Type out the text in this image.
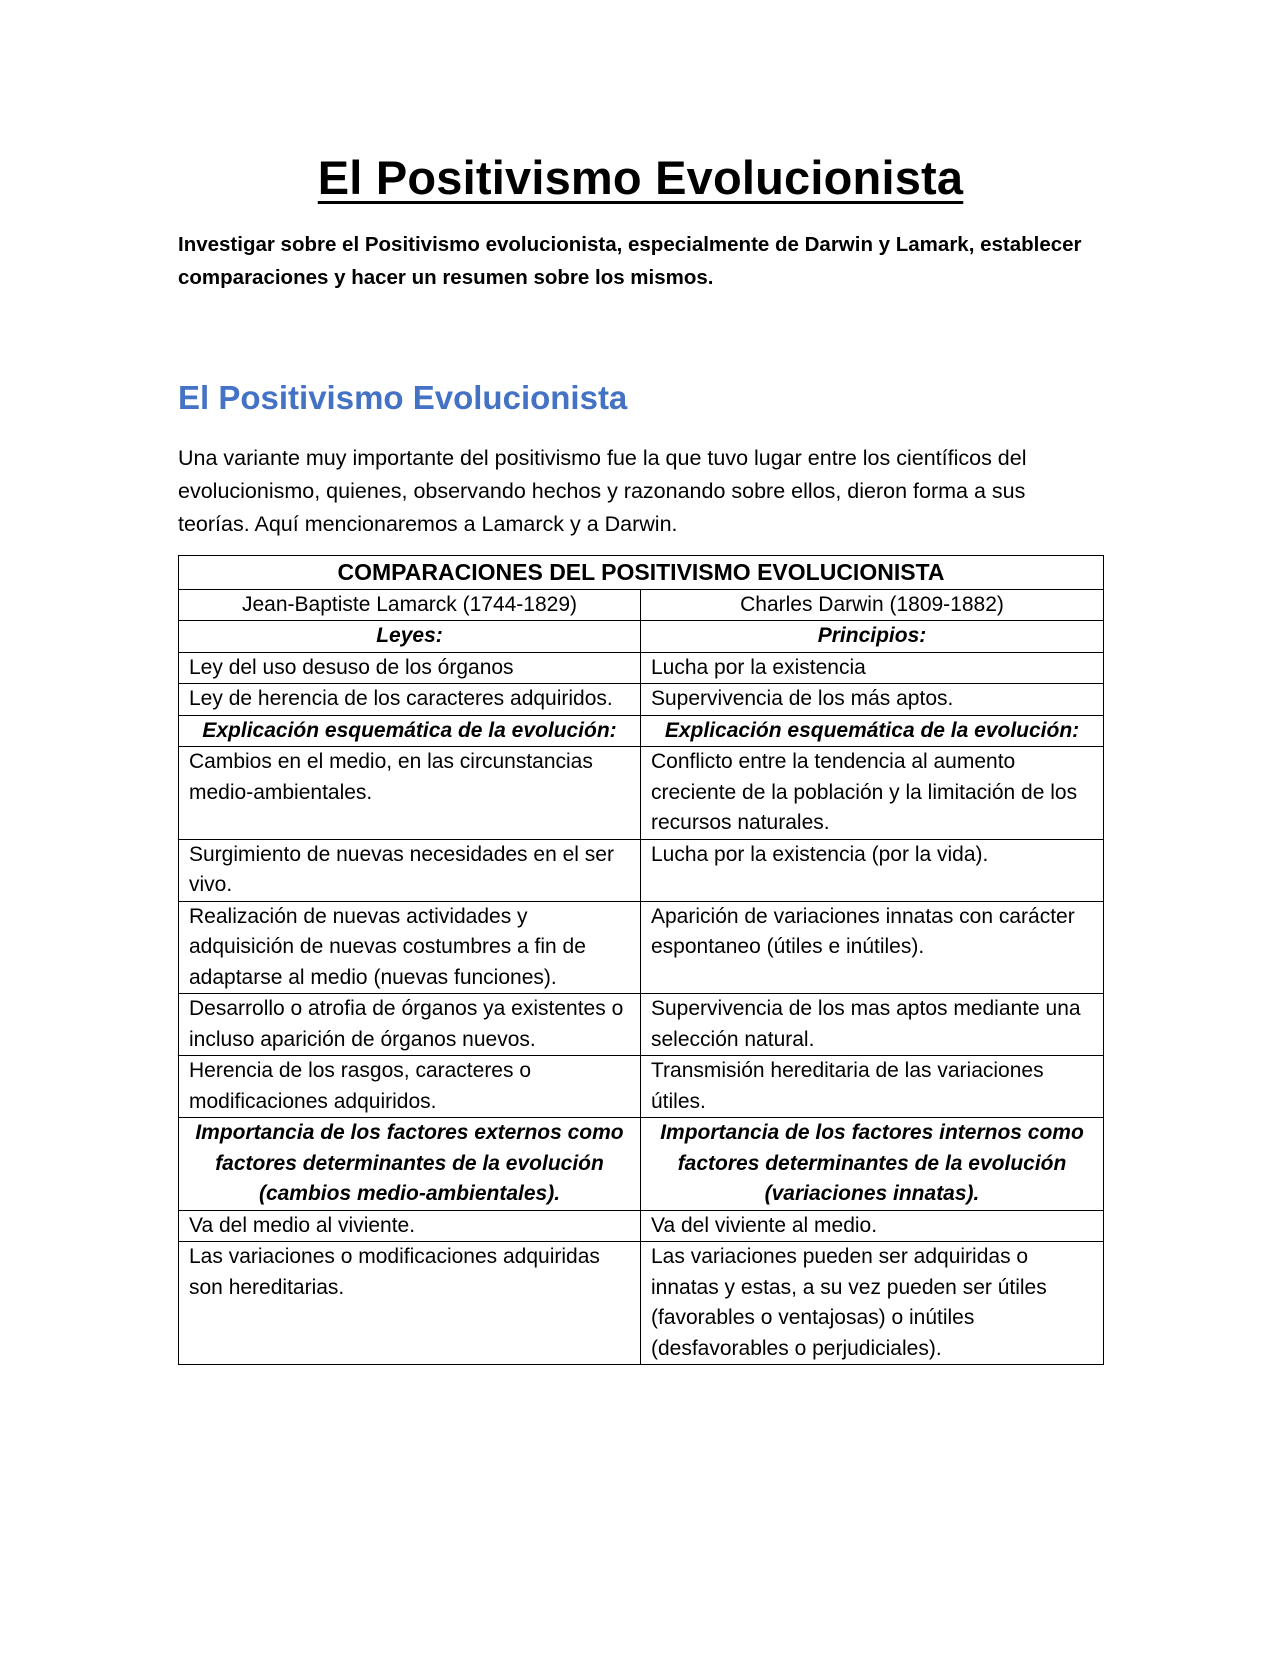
El Positivismo Evolucionista

Investigar sobre el Positivismo evolucionista, especialmente de Darwin y Lamark, establecer comparaciones y hacer un resumen sobre los mismos.

El Positivismo Evolucionista

Una variante muy importante del positivismo fue la que tuvo lugar entre los científicos del evolucionismo, quienes, observando hechos y razonando sobre ellos, dieron forma a sus teorías. Aquí mencionaremos a Lamarck y a Darwin.

COMPARACIONES DEL POSITIVISMO EVOLUCIONISTA	
Jean-Baptiste Lamarck (1744-1829)	Charles Darwin (1809-1882)
Leyes:	Principios:
Ley del uso desuso de los órganos	Lucha por la existencia
Ley de herencia de los caracteres adquiridos.	Supervivencia de los más aptos.
Explicación esquemática de la evolución:	Explicación esquemática de la evolución:
Cambios en el medio, en las circunstancias medio-ambientales.	Conflicto entre la tendencia al aumento creciente de la población y la limitación de los recursos naturales.
Surgimiento de nuevas necesidades en el ser vivo.	Lucha por la existencia (por la vida).
Realización de nuevas actividades y adquisición de nuevas costumbres a fin de adaptarse al medio (nuevas funciones).	Aparición de variaciones innatas con carácter espontaneo (útiles e inútiles).
Desarrollo o atrofia de órganos ya existentes o incluso aparición de órganos nuevos.	Supervivencia de los mas aptos mediante una selección natural.
Herencia de los rasgos, caracteres o modificaciones adquiridos.	Transmisión hereditaria de las variaciones útiles.
Importancia de los factores externos como factores determinantes de la evolución (cambios medio-ambientales).	Importancia de los factores internos como factores determinantes de la evolución (variaciones innatas).
Va del medio al viviente.	Va del viviente al medio.
Las variaciones o modificaciones adquiridas son hereditarias.	Las variaciones pueden ser adquiridas o innatas y estas, a su vez pueden ser útiles (favorables o ventajosas) o inútiles (desfavorables o perjudiciales).
